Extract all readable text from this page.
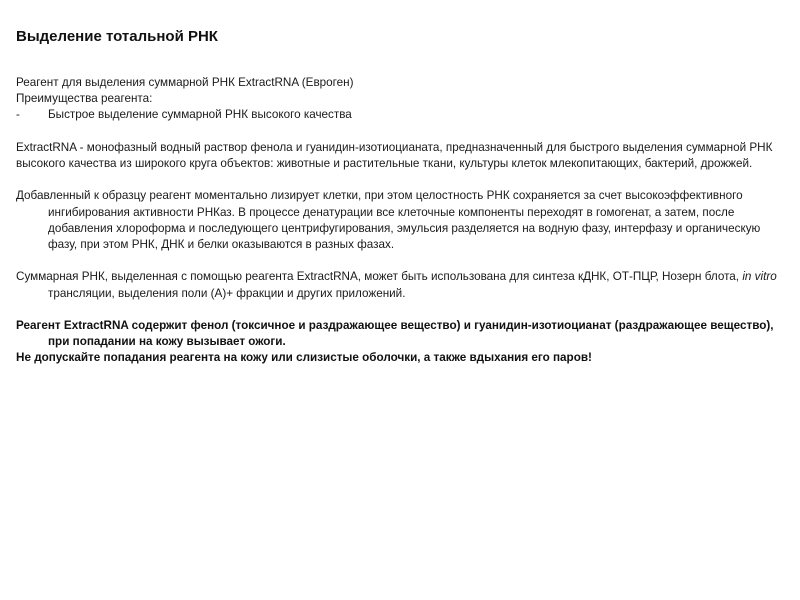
Выделение тотальной РНК
Реагент для выделения суммарной РНК ExtractRNA (Евроген)
Преимущества реагента:
-	Быстрое выделение суммарной РНК высокого качества
ExtractRNA - монофазный водный раствор фенола и гуанидин-изотиоцианата, предназначенный для быстрого выделения суммарной РНК высокого качества из широкого круга объектов: животные и растительные ткани, культуры клеток млекопитающих, бактерий, дрожжей.
Добавленный к образцу реагент моментально лизирует клетки, при этом целостность РНК сохраняется за счет высокоэффективного ингибирования активности РНКаз. В процессе денатурации все клеточные компоненты переходят в гомогенат, а затем, после добавления хлороформа и последующего центрифугирования, эмульсия разделяется на водную фазу, интерфазу и органическую фазу, при этом РНК, ДНК и белки оказываются в разных фазах.
Суммарная РНК, выделенная с помощью реагента ExtractRNA, может быть использована для синтеза кДНК, ОТ-ПЦР, Нозерн блота, in vitro трансляции, выделения поли (А)+ фракции и других приложений.
Реагент ExtractRNA содержит фенол (токсичное и раздражающее вещество) и гуанидин-изотиоцианат (раздражающее вещество), при попадании на кожу вызывает ожоги.
Не допускайте попадания реагента на кожу или слизистые оболочки, а также вдыхания его паров!
